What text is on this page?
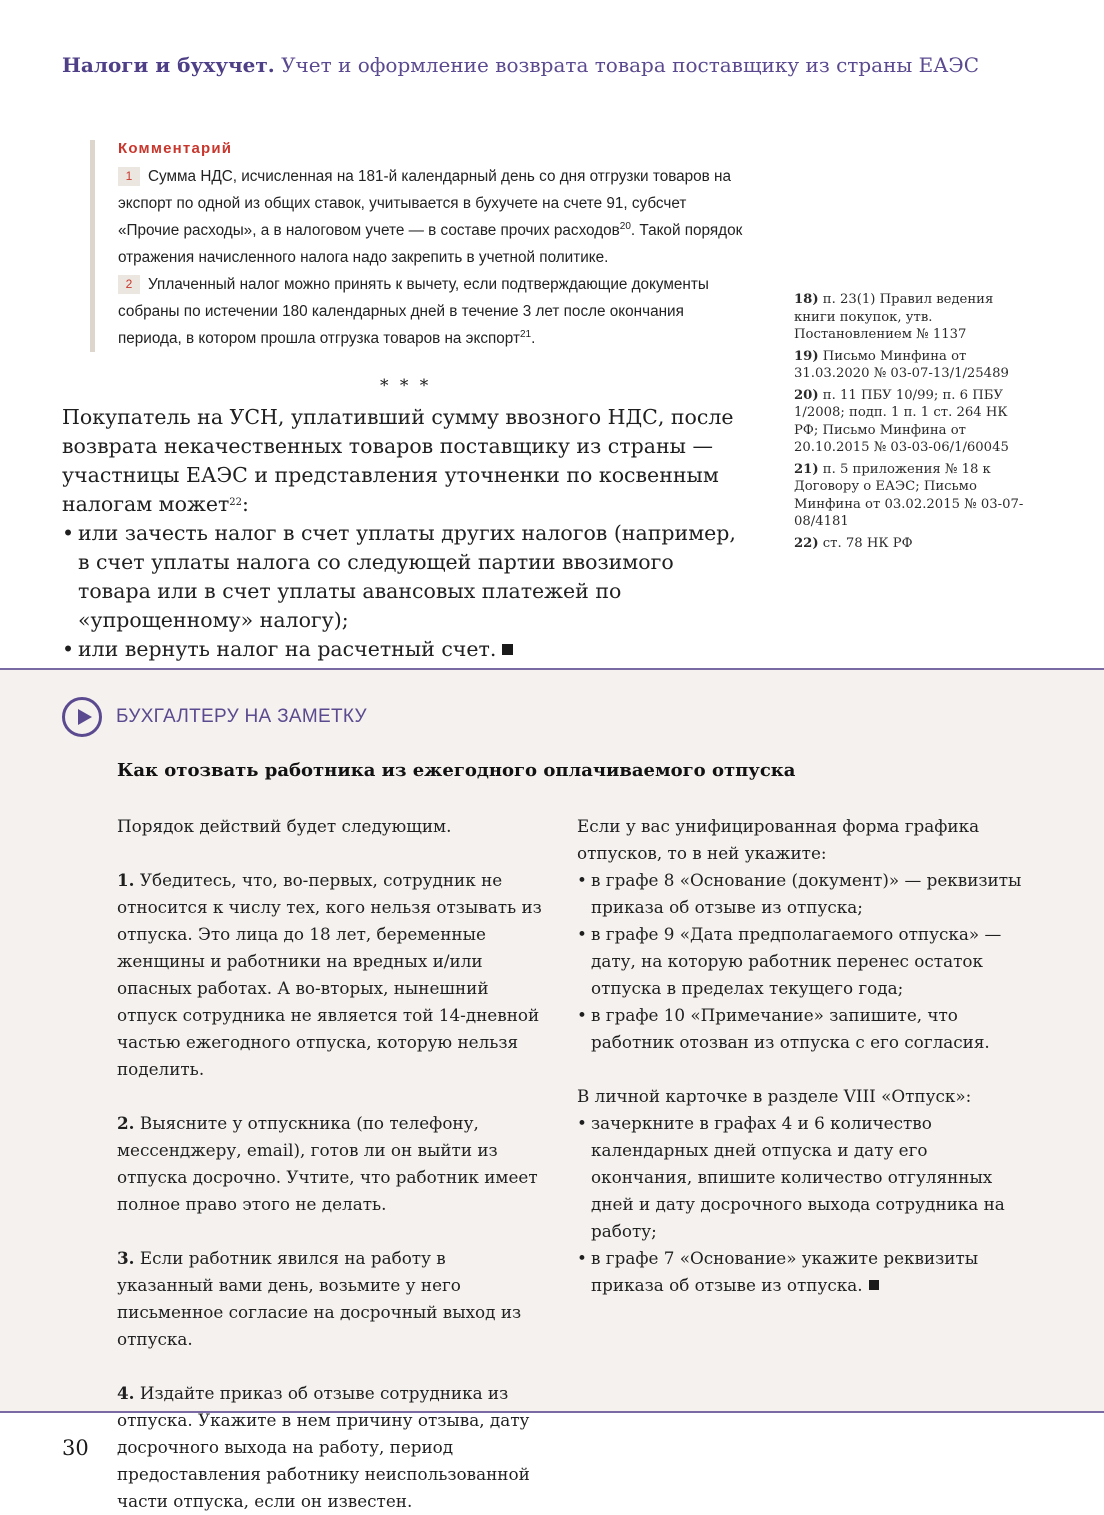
Налоги и бухучет. Учет и оформление возврата товара поставщику из страны ЕАЭС
Комментарий

1 Сумма НДС, исчисленная на 181-й календарный день со дня отгрузки товаров на экспорт по одной из общих ставок, учитывается в бухучете на счете 91, субсчет «Прочие расходы», а в налоговом учете — в составе прочих расходов$^{20}$. Такой порядок отражения начисленного налога надо закрепить в учетной политике.

2 Уплаченный налог можно принять к вычету, если подтверждающие документы собраны по истечении 180 календарных дней в течение 3 лет после окончания периода, в котором прошла отгрузка товаров на экспорт$^{21}$.

* * *

Покупатель на УСН, уплативший сумму ввозного НДС, после возврата некачественных товаров поставщику из страны — участницы ЕАЭС и представления уточненки по косвенным налогам может$^{22}$:

• или зачесть налог в счет уплаты других налогов (например, в счет уплаты налога со следующей партии ввозимого товара или в счет уплаты авансовых платежей по «упрощенному» налогу);
• или вернуть налог на расчетный счет.
18) п. 23(1) Правил ведения книги покупок, утв. Постановлением № 1137
19) Письмо Минфина от 31.03.2020 № 03-07-13/1/25489
20) п. 11 ПБУ 10/99; п. 6 ПБУ 1/2008; подп. 1 п. 1 ст. 264 НК РФ; Письмо Минфина от 20.10.2015 № 03-03-06/1/60045
21) п. 5 приложения № 18 к Договору о ЕАЭС; Письмо Минфина от 03.02.2015 № 03-07-08/4181
22) ст. 78 НК РФ
БУХГАЛТЕРУ НА ЗАМЕТКУ
Как отозвать работника из ежегодного оплачиваемого отпуска

Порядок действий будет следующим.

1. Убедитесь, что, во-первых, сотрудник не относится к числу тех, кого нельзя отзывать из отпуска. Это лица до 18 лет, беременные женщины и работники на вредных и/или опасных работах. А во-вторых, нынешний отпуск сотрудника не является той 14-дневной частью ежегодного отпуска, которую нельзя поделить.

2. Выясните у отпускника (по телефону, мессенджеру, email), готов ли он выйти из отпуска досрочно. Учтите, что работник имеет полное право этого не делать.

3. Если работник явился на работу в указанный вами день, возьмите у него письменное согласие на досрочный выход из отпуска.

4. Издайте приказ об отзыве сотрудника из отпуска. Укажите в нем причину отзыва, дату досрочного выхода на работу, период предоставления работнику неиспользованной части отпуска, если он известен.

Если у вас унифицированная форма графика отпусков, то в ней укажите:

• в графе 8 «Основание (документ)» — реквизиты приказа об отзыве из отпуска;
• в графе 9 «Дата предполагаемого отпуска» — дату, на которую работник перенес остаток отпуска в пределах текущего года;
• в графе 10 «Примечание» запишите, что работник отозван из отпуска с его согласия.

В личной карточке в разделе VIII «Отпуск»:

• зачеркните в графах 4 и 6 количество календарных дней отпуска и дату его окончания, впишите количество отгулянных дней и дату досрочного выхода сотрудника на работу;
• в графе 7 «Основание» укажите реквизиты приказа об отзыве из отпуска.
30
